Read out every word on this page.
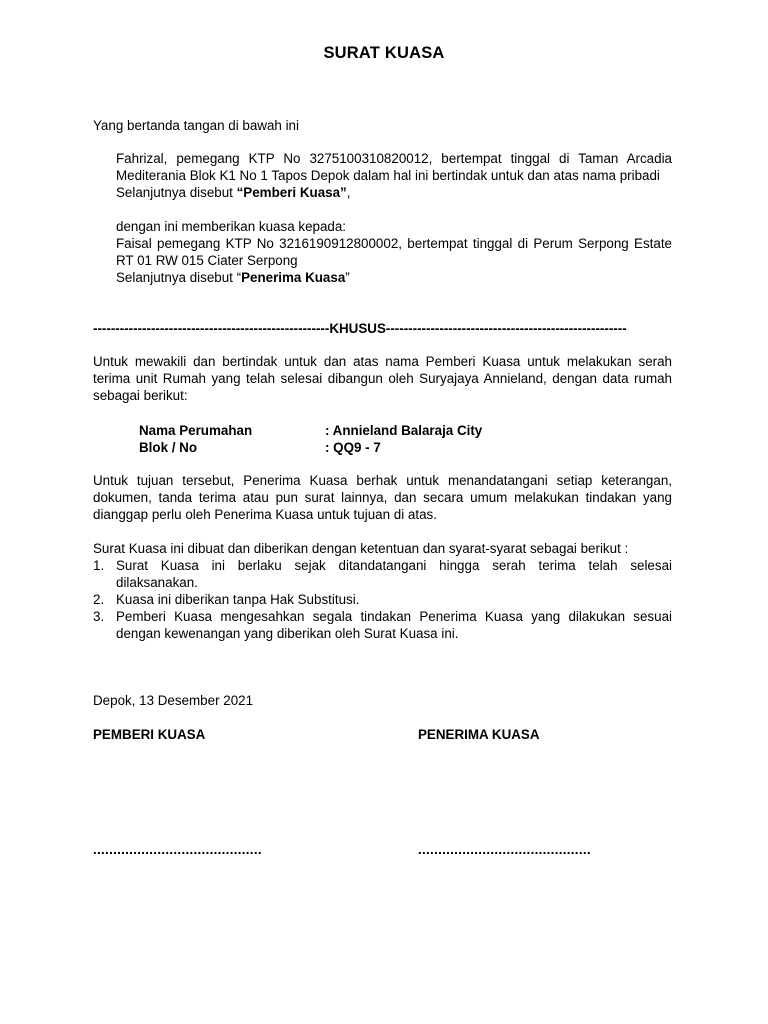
SURAT KUASA
Yang bertanda tangan di bawah ini
Fahrizal, pemegang KTP No 3275100310820012, bertempat tinggal di Taman Arcadia
Mediterania Blok K1 No 1 Tapos Depok dalam hal ini bertindak untuk dan atas nama pribadi
Selanjutnya disebut “Pemberi Kuasa”,
dengan ini memberikan kuasa kepada:
Faisal pemegang KTP No 3216190912800002, bertempat tinggal di Perum Serpong Estate
RT 01 RW 015 Ciater Serpong
Selanjutnya disebut “Penerima Kuasa”
-----------------------------------------------------KHUSUS------------------------------------------------------
Untuk mewakili dan bertindak untuk dan atas nama Pemberi Kuasa untuk melakukan serah
terima unit Rumah yang telah selesai dibangun oleh Suryajaya Annieland, dengan data rumah
sebagai berikut:
Nama Perumahan	: Annieland Balaraja City
Blok / No	: QQ9 - 7
Untuk tujuan tersebut, Penerima Kuasa berhak untuk menandatangani setiap keterangan,
dokumen, tanda terima atau pun surat lainnya, dan secara umum melakukan tindakan yang
dianggap perlu oleh Penerima Kuasa untuk tujuan di atas.
Surat Kuasa ini dibuat dan diberikan dengan ketentuan dan syarat-syarat sebagai berikut :
1. Surat Kuasa ini berlaku sejak ditandatangani hingga serah terima telah selesai
dilaksanakan.
2. Kuasa ini diberikan tanpa Hak Substitusi.
3. Pemberi Kuasa mengesahkan segala tindakan Penerima Kuasa yang dilakukan sesuai
dengan kewenangan yang diberikan oleh Surat Kuasa ini.
Depok, 13 Desember 2021
PEMBERI KUASA	PENERIMA KUASA
..........................................	...........................................
